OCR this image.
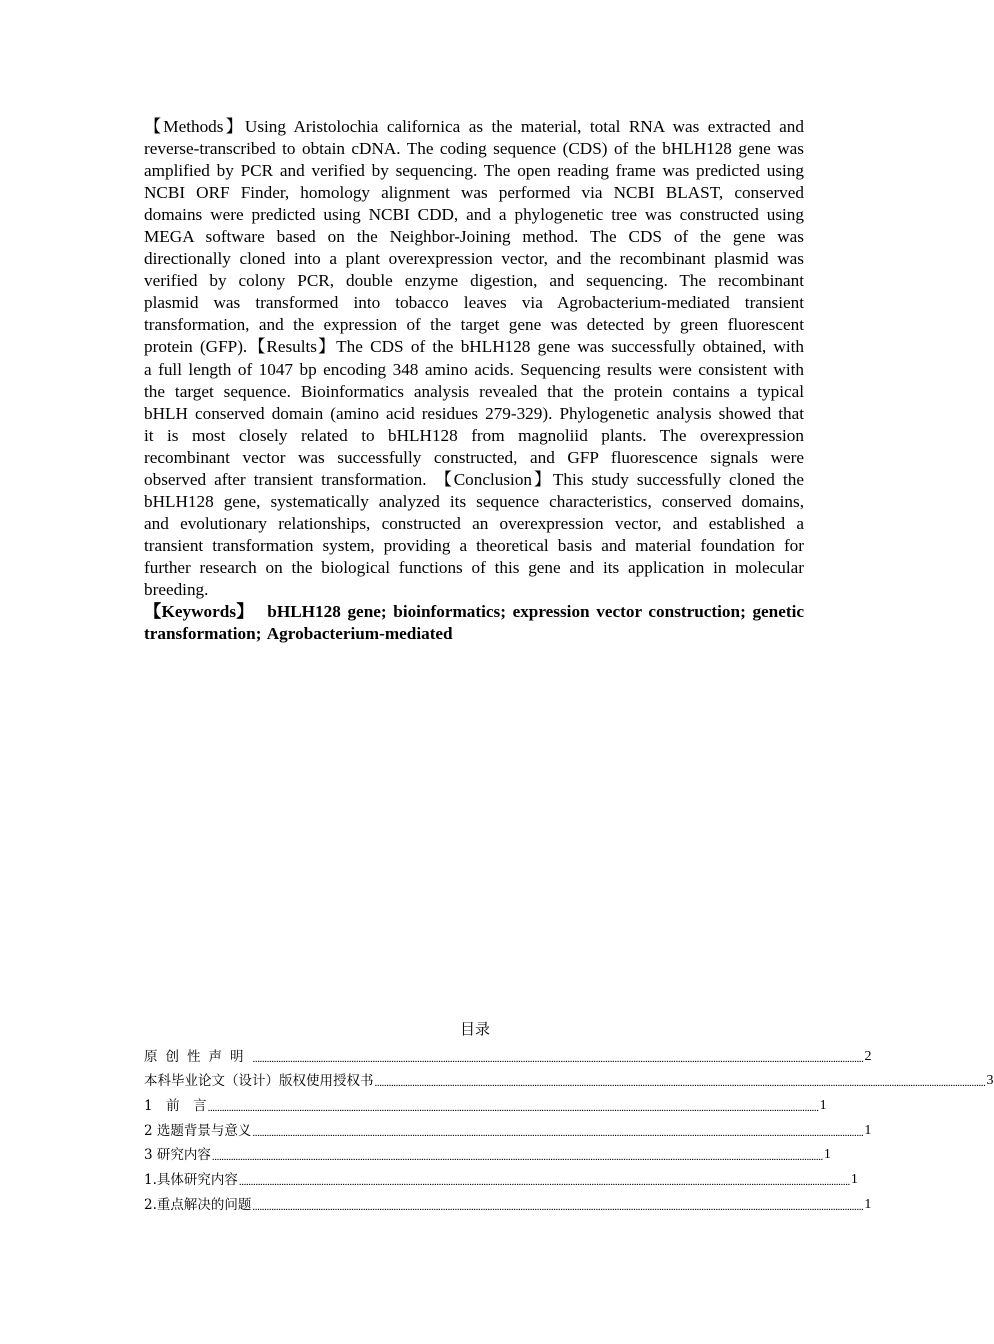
【Methods】Using Aristolochia californica as the material, total RNA was extracted and reverse-transcribed to obtain cDNA. The coding sequence (CDS) of the bHLH128 gene was amplified by PCR and verified by sequencing. The open reading frame was predicted using NCBI ORF Finder, homology alignment was performed via NCBI BLAST, conserved domains were predicted using NCBI CDD, and a phylogenetic tree was constructed using MEGA software based on the Neighbor-Joining method. The CDS of the gene was directionally cloned into a plant overexpression vector, and the recombinant plasmid was verified by colony PCR, double enzyme digestion, and sequencing. The recombinant plasmid was transformed into tobacco leaves via Agrobacterium-mediated transient transformation, and the expression of the target gene was detected by green fluorescent protein (GFP).【Results】The CDS of the bHLH128 gene was successfully obtained, with a full length of 1047 bp encoding 348 amino acids. Sequencing results were consistent with the target sequence. Bioinformatics analysis revealed that the protein contains a typical bHLH conserved domain (amino acid residues 279-329). Phylogenetic analysis showed that it is most closely related to bHLH128 from magnoliid plants. The overexpression recombinant vector was successfully constructed, and GFP fluorescence signals were observed after transient transformation. 【Conclusion】This study successfully cloned the bHLH128 gene, systematically analyzed its sequence characteristics, conserved domains, and evolutionary relationships, constructed an overexpression vector, and established a transient transformation system, providing a theoretical basis and material foundation for further research on the biological functions of this gene and its application in molecular breeding.

【Keywords】 bHLH128 gene; bioinformatics; expression vector construction; genetic transformation; Agrobacterium-mediated

目录
原创性声明 .................................................................................................................................................................................................................................................................... 2
本科毕业论文（设计）版权使用授权书 .................................................................................................................................................................................................................................................................... 3
1　前　言 .................................................................................................................................................................................................................................................................... 1
2 选题背景与意义 .................................................................................................................................................................................................................................................................... 1
3 研究内容 .................................................................................................................................................................................................................................................................... 1
1.具体研究内容 .................................................................................................................................................................................................................................................................... 1
2.重点解决的问题 .................................................................................................................................................................................................................................................................... 1
